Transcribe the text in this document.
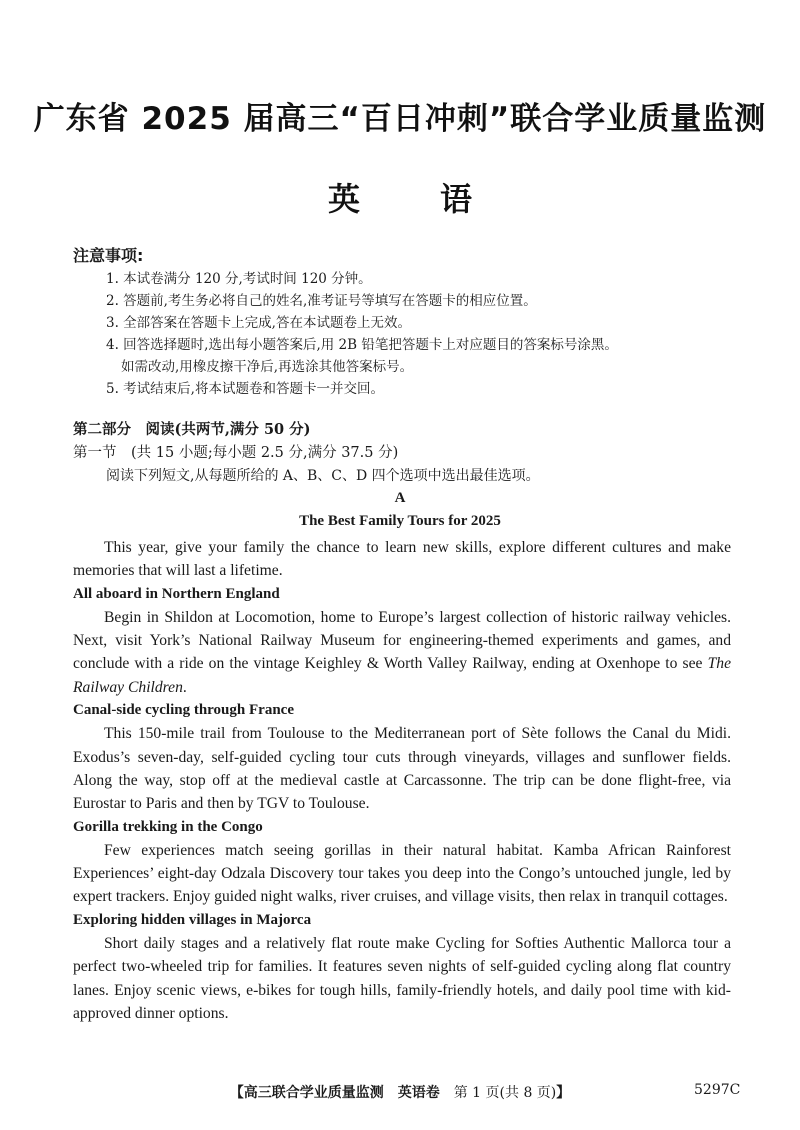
广东省 2025 届高三“百日冲刺”联合学业质量监测
英语
注意事项:
1. 本试卷满分 120 分,考试时间 120 分钟。
2. 答题前,考生务必将自己的姓名,准考证号等填写在答题卡的相应位置。
3. 全部答案在答题卡上完成,答在本试题卷上无效。
4. 回答选择题时,选出每小题答案后,用 2B 铅笔把答题卡上对应题目的答案标号涂黑。
如需改动,用橡皮擦干净后,再选涂其他答案标号。
5. 考试结束后,将本试题卷和答题卡一并交回。
第二部分　阅读(共两节,满分 50 分)
第一节　(共 15 小题;每小题 2.5 分,满分 37.5 分)
阅读下列短文,从每题所给的 A、B、C、D 四个选项中选出最佳选项。
A
The Best Family Tours for 2025

This year, give your family the chance to learn new skills, explore different cultures and make memories that will last a lifetime.

All aboard in Northern England

Begin in Shildon at Locomotion, home to Europe’s largest collection of historic railway vehicles. Next, visit York’s National Railway Museum for engineering-themed experiments and games, and conclude with a ride on the vintage Keighley & Worth Valley Railway, ending at Oxenhope to see The Railway Children.

Canal-side cycling through France

This 150-mile trail from Toulouse to the Mediterranean port of Sète follows the Canal du Midi. Exodus’s seven-day, self-guided cycling tour cuts through vineyards, villages and sunflower fields. Along the way, stop off at the medieval castle at Carcassonne. The trip can be done flight-free, via Eurostar to Paris and then by TGV to Toulouse.

Gorilla trekking in the Congo

Few experiences match seeing gorillas in their natural habitat. Kamba African Rainforest Experiences’ eight-day Odzala Discovery tour takes you deep into the Congo’s untouched jungle, led by expert trackers. Enjoy guided night walks, river cruises, and village visits, then relax in tranquil cottages.

Exploring hidden villages in Majorca

Short daily stages and a relatively flat route make Cycling for Softies Authentic Mallorca tour a perfect two-wheeled trip for families. It features seven nights of self-guided cycling along flat country lanes. Enjoy scenic views, e-bikes for tough hills, family-friendly hotels, and daily pool time with kid-approved dinner options.

【高三联合学业质量监测　英语卷　 第 1 页(共 8 页)】	5297C
